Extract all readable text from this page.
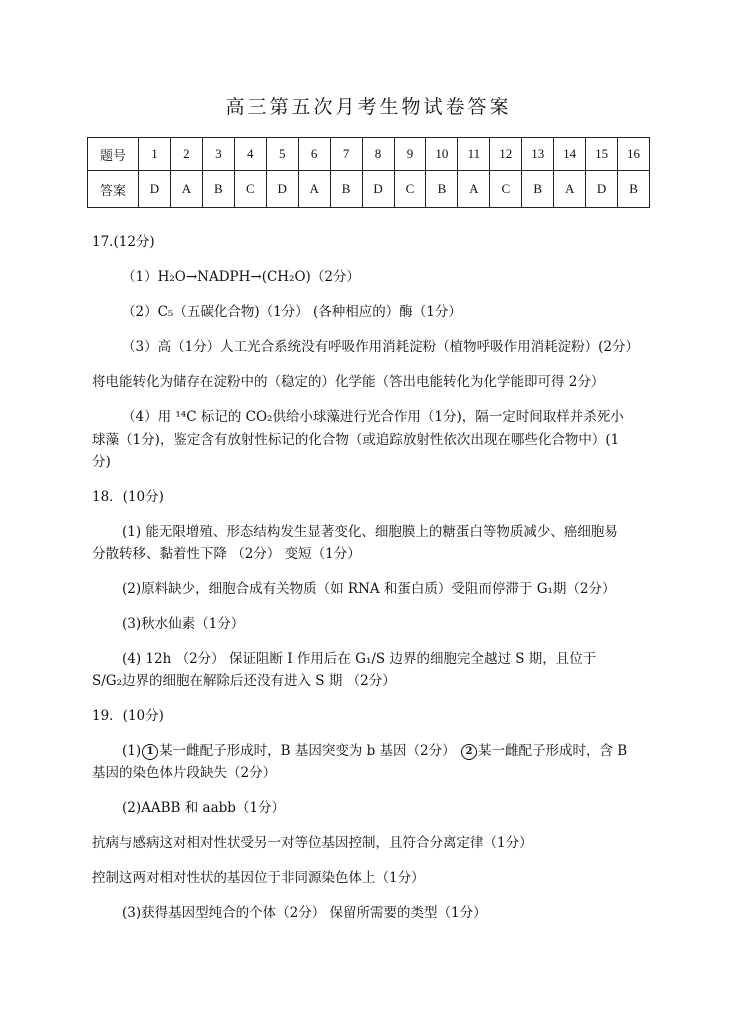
高三第五次月考生物试卷答案
题号	1	2	3	4	5	6	7	8	9	10	11	12	13	14	15	16
答案	D	A	B	C	D	A	B	D	C	B	A	C	B	A	D	B
17.(12分)
（1）H₂O→NADPH→(CH₂O)（2分）
（2）C₅（五碳化合物)（1分） (各种相应的）酶（1分）
（3）高（1分）人工光合系统没有呼吸作用消耗淀粉（植物呼吸作用消耗淀粉）(2分）
将电能转化为储存在淀粉中的（稳定的）化学能（答出电能转化为化学能即可得 2分）
（4）用 ¹⁴C 标记的 CO₂供给小球藻进行光合作用（1分)，隔一定时间取样并杀死小
球藻（1分)，鉴定含有放射性标记的化合物（或追踪放射性依次出现在哪些化合物中）(1
分)
18．(10分)
(1) 能无限增殖、形态结构发生显著变化、细胞膜上的糖蛋白等物质减少、癌细胞易
分散转移、黏着性下降 （2分） 变短（1分）
(2)原料缺少，细胞合成有关物质（如 RNA 和蛋白质）受阻而停滞于 G₁期（2分）
(3)秋水仙素（1分）
(4) 12h （2分） 保证阻断 I 作用后在 G₁/S 边界的细胞完全越过 S 期，且位于
S/G₂边界的细胞在解除后还没有进入 S 期 （2分）
19．(10分)
(1) 1 某一雌配子形成时，B 基因突变为 b 基因（2分） 2 某一雌配子形成时，含 B
基因的染色体片段缺失（2分）
(2)AABB 和 aabb（1分）
抗病与感病这对相对性状受另一对等位基因控制，且符合分离定律（1分）
控制这两对相对性状的基因位于非同源染色体上（1分）
(3)获得基因型纯合的个体（2分） 保留所需要的类型（1分）
